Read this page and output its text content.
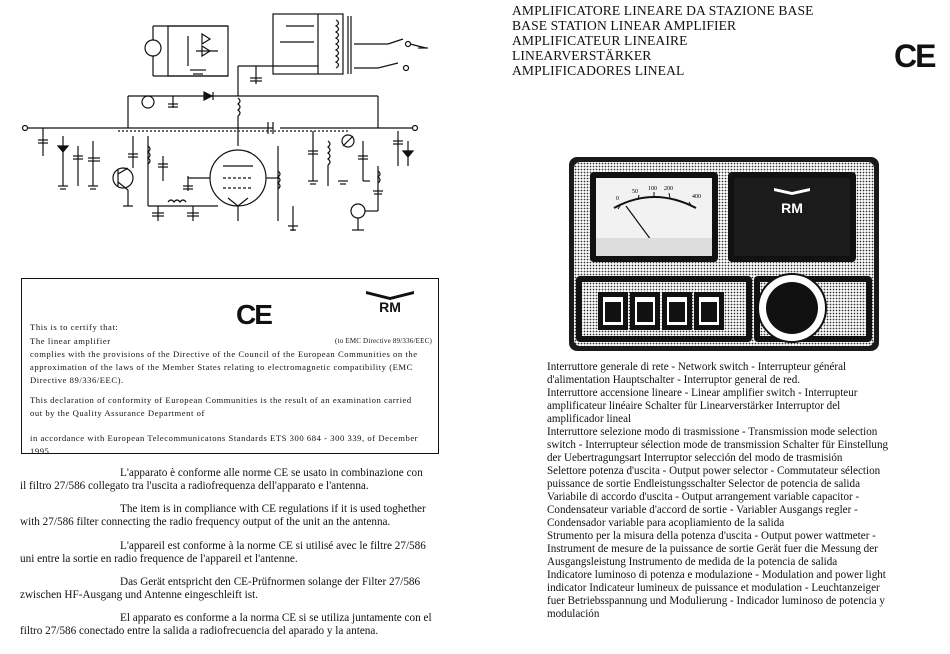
CE	RM
This is to certify that:
The linear amplifier	(to EMC Directive 89/336/EEC)

complies with the provisions of the Directive of the Council of the European Communities on the
approximation of the laws of the Member States relating to electromagnetic compatibility (EMC
Directive 89/336/EEC).

This declaration of conformity of European Communities is the result of an examination carried
out by the Quality Assurance Department of

in accordance with European Telecommunicatons Standards ETS 300 684 - 300 339, of December
1995.

L'apparato è conforme alle norme CE se usato in combinazione con
il filtro 27/586 collegato tra l'uscita a radiofrequenza dell'apparato e l'antenna.

The item is in compliance with CE regulations if it is used toghether
with 27/586 filter connecting the radio frequency output of the unit an the antenna.

L'appareil est conforme à la norme CE si utilisé avec le filtre 27/586
uni entre la sortie en radio frequence de l'appareil et l'antenne.

Das Gerät entspricht den CE-Prüfnormen solange der Filter 27/586
zwischen HF-Ausgang und Antenne eingeschleift ist.

El apparato es conforme a la norma CE si se utiliza juntamente con el
filtro 27/586 conectado entre la salida a radiofrecuencia del aparado y la antena.

AMPLIFICATORE LINEARE DA STAZIONE BASE
BASE STATION LINEAR AMPLIFIER
AMPLIFICATEUR LINEAIRE
LINEARVERSTÄRKER
AMPLIFICADORES LINEAL	CE
0
50 100 200
400
RM

Interruttore generale di rete - Network switch - Interrupteur général
d'alimentation Hauptschalter - Interruptor general de red.

Interruttore accensione lineare - Linear amplifier switch - Interrupteur
amplificateur linéaire Schalter für Linearverstärker Interruptor del
amplificador lineal

Interruttore selezione modo di trasmissione - Transmission mode selection
switch - Interrupteur sélection mode de transmission Schalter für Einstellung
der Uebertragungsart Interruptor selección del modo de trasmisión

Selettore potenza d'uscita - Output power selector - Commutateur sélection
puissance de sortie Endleistungsschalter Selector de potencia de salida

Variabile di accordo d'uscita - Output arrangement variable capacitor -
Condensateur variable d'accord de sortie - Variabler Ausgangs regler -
Condensador variable para acopliamiento de la salida

Strumento per la misura della potenza d'uscita - Output power wattmeter -
Instrument de mesure de la puissance de sortie Gerät fuer die Messung der
Ausgangsleistung Instrumento de medida de la potencia de salida

Indicatore luminoso di potenza e modulazione - Modulation and power light
indicator Indicateur lumineux de puissance et modulation - Leuchtanzeiger
fuer Betriebsspannung und Modulierung - Indicador luminoso de potencia y
modulación
